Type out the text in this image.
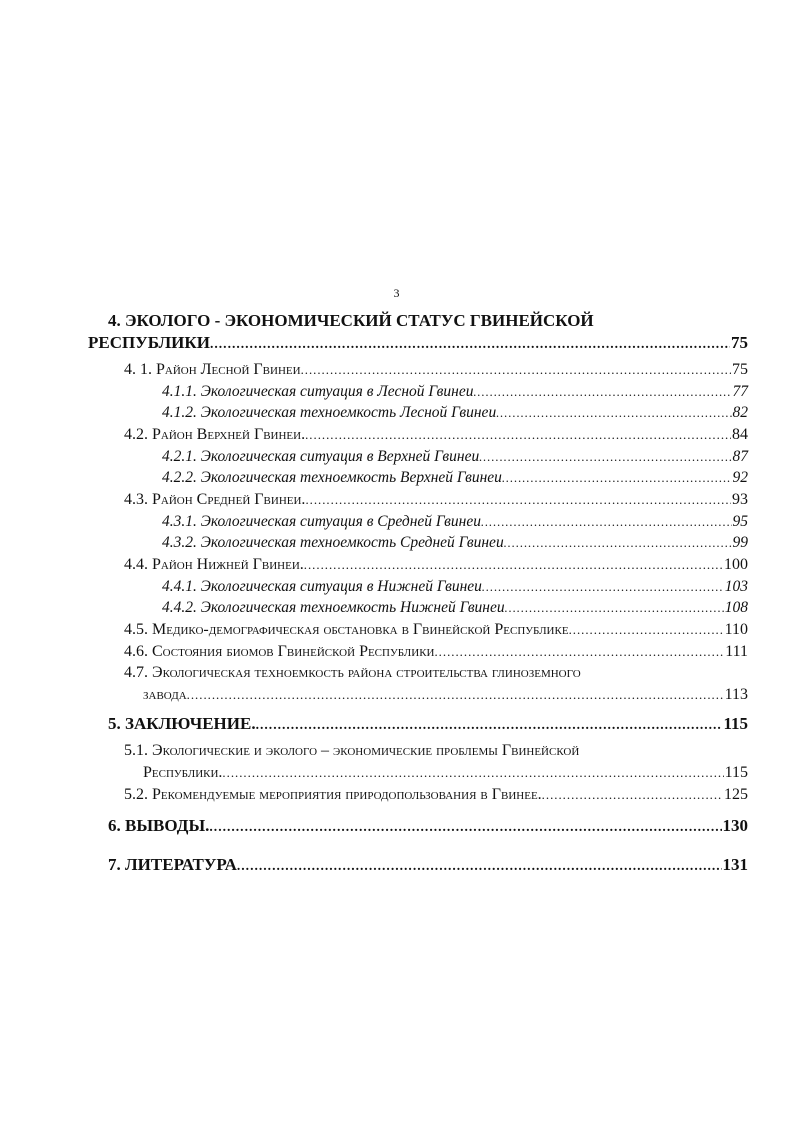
3
4. ЭКОЛОГО - ЭКОНОМИЧЕСКИЙ СТАТУС ГВИНЕЙСКОЙ
РЕСПУБЛИКИ .....	75
4. 1. Район Лесной Гвинеи .....	75
4.1.1. Экологическая ситуация в Лесной Гвинеи .....	77
4.1.2. Экологическая техноемкость Лесной Гвинеи .....	82
4.2. Район Верхней Гвинеи. .....	84
4.2.1. Экологическая ситуация в Верхней Гвинеи .....	87
4.2.2. Экологическая техноемкость Верхней Гвинеи .....	92
4.3. Район Средней Гвинеи. .....	93
4.3.1. Экологическая ситуация в Средней Гвинеи .....	95
4.3.2. Экологическая техноемкость Средней Гвинеи .....	99
4.4. Район Нижней Гвинеи. .....	100
4.4.1. Экологическая ситуация в Нижней Гвинеи .....	103
4.4.2. Экологическая техноемкость Нижней Гвинеи .....	108
4.5. Медико-демографическая обстановка в Гвинейской Республике .....	110
4.6. Состояния биомов Гвинейской Республики .....	111
4.7. Экологическая техноемкость района строительства глиноземного
завода .....	113
5. ЗАКЛЮЧЕНИЕ. .....	115
5.1. Экологические и эколого – экономические проблемы Гвинейской
Республики. .....	115
5.2. Рекомендуемые мероприятия природопользования в Гвинее. .....	125
6. ВЫВОДЫ. .....	130
7. ЛИТЕРАТУРА .....	131
